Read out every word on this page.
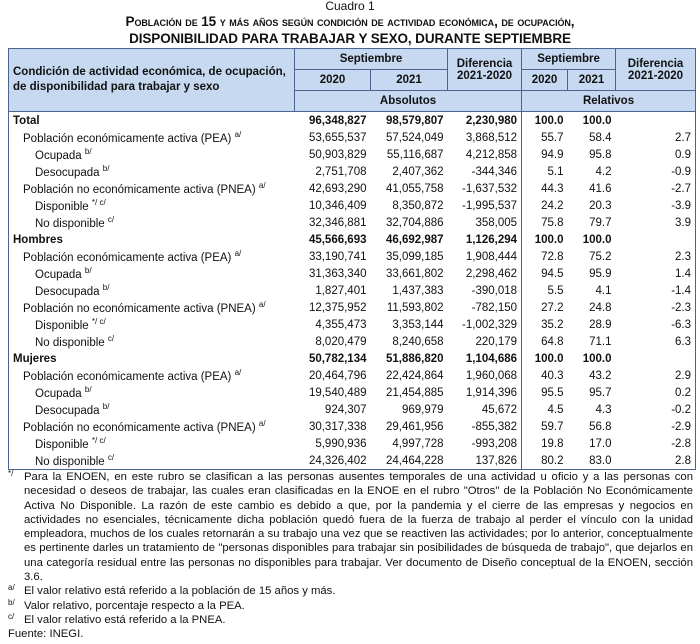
Cuadro 1
Población de 15 y más años según condición de actividad económica, de ocupación,
DISPONIBILIDAD PARA TRABAJAR Y SEXO, DURANTE SEPTIEMBRE
Condición de actividad económica, de ocupación, de disponibilidad para trabajar y sexo	Septiembre		Diferencia
2021-2020	Septiembre		Diferencia
2021-2020
	2020	2021		2020	2021	
	Absolutos			Relativos		
Total	96,348,827	98,579,807	2,230,980	100.0	100.0	
Población económicamente activa (PEA) $^{a/}$	53,655,537	57,524,049	3,868,512	55.7	58.4	2.7
Ocupada $^{b/}$	50,903,829	55,116,687	4,212,858	94.9	95.8	0.9
Desocupada $^{b/}$	2,751,708	2,407,362	-344,346	5.1	4.2	-0.9
Población no económicamente activa (PNEA) $^{a/}$	42,693,290	41,055,758	-1,637,532	44.3	41.6	-2.7
Disponible $^{*/ c/}$	10,346,409	8,350,872	-1,995,537	24.2	20.3	-3.9
No disponible $^{c/}$	32,346,881	32,704,886	358,005	75.8	79.7	3.9
Hombres	45,566,693	46,692,987	1,126,294	100.0	100.0	
Población económicamente activa (PEA) $^{a/}$	33,190,741	35,099,185	1,908,444	72.8	75.2	2.3
Ocupada $^{b/}$	31,363,340	33,661,802	2,298,462	94.5	95.9	1.4
Desocupada $^{b/}$	1,827,401	1,437,383	-390,018	5.5	4.1	-1.4
Población no económicamente activa (PNEA) $^{a/}$	12,375,952	11,593,802	-782,150	27.2	24.8	-2.3
Disponible $^{*/ c/}$	4,355,473	3,353,144	-1,002,329	35.2	28.9	-6.3
No disponible $^{c/}$	8,020,479	8,240,658	220,179	64.8	71.1	6.3
Mujeres	50,782,134	51,886,820	1,104,686	100.0	100.0	
Población económicamente activa (PEA) $^{a/}$	20,464,796	22,424,864	1,960,068	40.3	43.2	2.9
Ocupada $^{b/}$	19,540,489	21,454,885	1,914,396	95.5	95.7	0.2
Desocupada $^{b/}$	924,307	969,979	45,672	4.5	4.3	-0.2
Población no económicamente activa (PNEA) $^{a/}$	30,317,338	29,461,956	-855,382	59.7	56.8	-2.9
Disponible $^{*/ c/}$	5,990,936	4,997,728	-993,208	19.8	17.0	-2.8
No disponible $^{c/}$	24,326,402	24,464,228	137,826	80.2	83.0	2.8
*/ Para la ENOEN, en este rubro se clasifican a las personas ausentes temporales de una actividad u oficio y a las personas con necesidad o deseos de trabajar, las cuales eran clasificadas en la ENOE en el rubro "Otros" de la Población No Económicamente Activa No Disponible. La razón de este cambio es debido a que, por la pandemia y el cierre de las empresas y negocios en actividades no esenciales, técnicamente dicha población quedó fuera de la fuerza de trabajo al perder el vínculo con la unidad empleadora, muchos de los cuales retornarán a su trabajo una vez que se reactiven las actividades; por lo anterior, conceptualmente es pertinente darles un tratamiento de "personas disponibles para trabajar sin posibilidades de búsqueda de trabajo", que dejarlos en una categoría residual entre las personas no disponibles para trabajar. Ver documento de Diseño conceptual de la ENOEN, sección 3.6.
a/ El valor relativo está referido a la población de 15 años y más.
b/ Valor relativo, porcentaje respecto a la PEA.
c/ El valor relativo está referido a la PNEA.
Fuente: INEGI.
